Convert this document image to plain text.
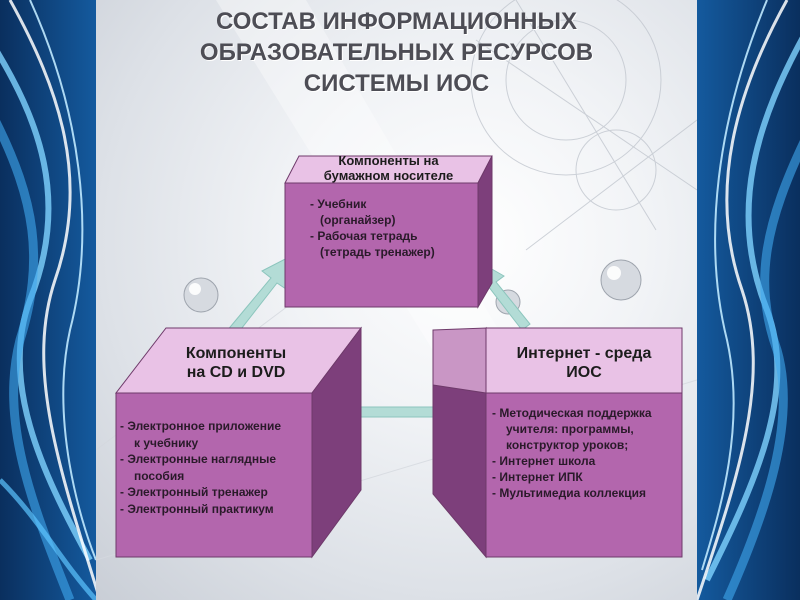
СОСТАВ ИНФОРМАЦИОННЫХ
ОБРАЗОВАТЕЛЬНЫХ РЕСУРСОВ
СИСТЕМЫ ИОС
Компоненты на
бумажном носителе
- Учебник
(органайзер)
- Рабочая тетрадь
(тетрадь тренажер)
Компоненты
на CD и DVD
- Электронное приложение
к учебнику
- Электронные наглядные
пособия
- Электронный тренажер
- Электронный практикум
Интернет - среда
ИОС
- Методическая поддержка
учителя: программы,
конструктор уроков;
- Интернет школа
- Интернет ИПК
- Мультимедиа коллекция
